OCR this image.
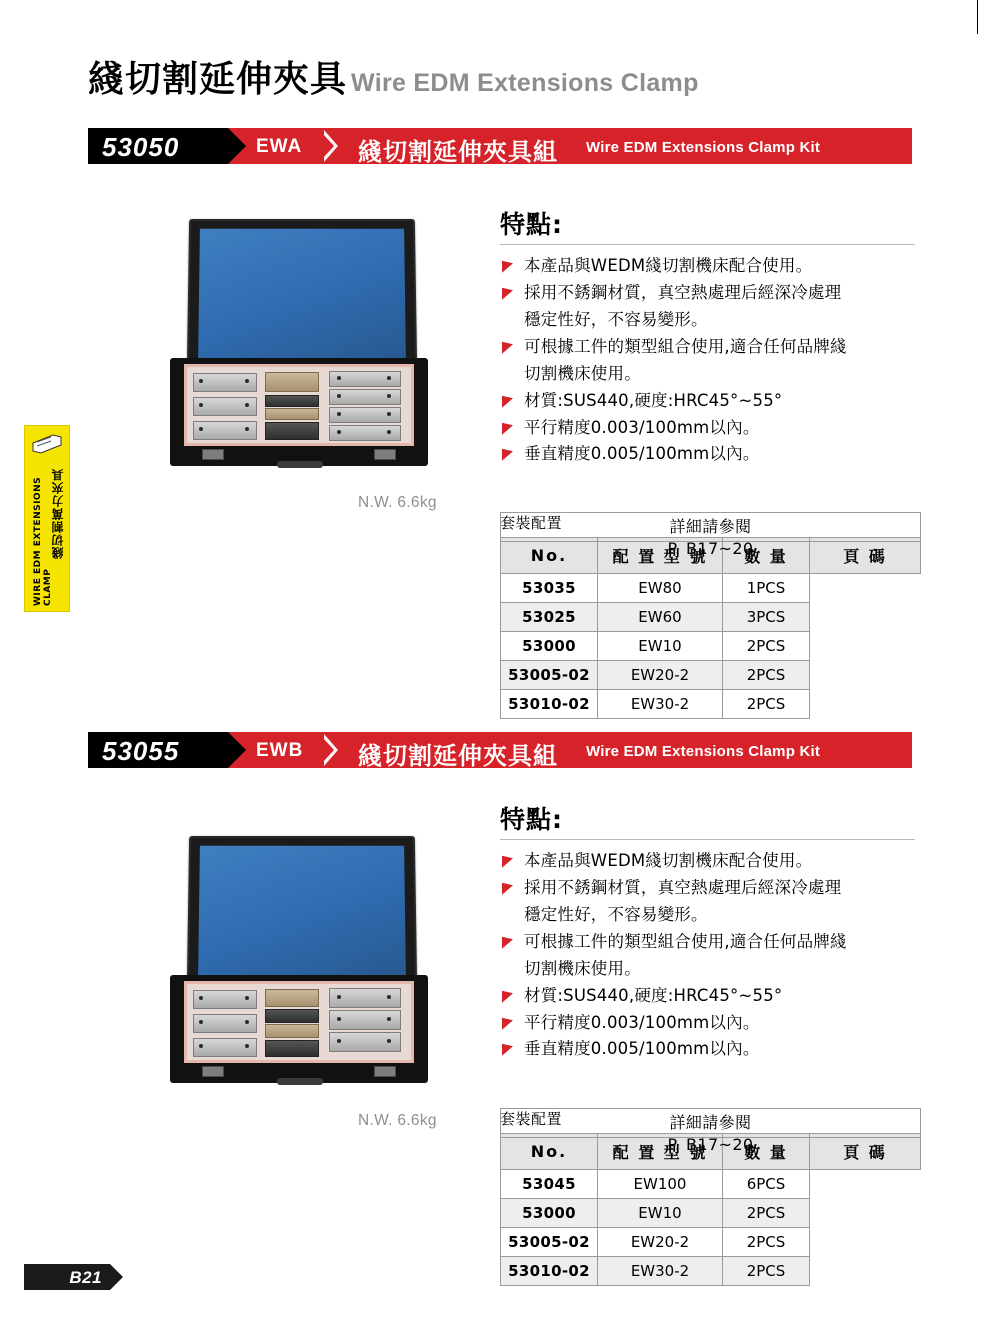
綫切割延伸夾具 Wire EDM Extensions Clamp
綫切割萬力夾具
WIRE EDM EXTENSIONS CLAMP
53050	EWA 綫切割延伸夾具組 Wire EDM Extensions Clamp Kit
N.W. 6.6kg
特點:
本產品與WEDM綫切割機床配合使用。
採用不銹鋼材質，真空熱處理后經深冷處理
穩定性好，不容易變形。
可根據工件的類型組合使用,適合任何品牌綫
切割機床使用。
材質:SUS440,硬度:HRC45°~55°
平行精度0.003/100mm以內。
垂直精度0.005/100mm以內。
套裝配置
No.	配 置 型 號	數 量	頁 碼
53035	EW80	1PCS	
詳細請參閱
P. B17~20

53025	EW60	3PCS	
53000	EW10	2PCS	
53005-02	EW20-2	2PCS	
53010-02	EW30-2	2PCS	
53055	EWB 綫切割延伸夾具組 Wire EDM Extensions Clamp Kit
N.W. 6.6kg
特點:
本產品與WEDM綫切割機床配合使用。
採用不銹鋼材質，真空熱處理后經深冷處理
穩定性好，不容易變形。
可根據工件的類型組合使用,適合任何品牌綫
切割機床使用。
材質:SUS440,硬度:HRC45°~55°
平行精度0.003/100mm以內。
垂直精度0.005/100mm以內。
套裝配置
No.	配 置 型 號	數 量	頁 碼
53045	EW100	6PCS	
詳細請參閱
P. B17~20

53000	EW10	2PCS	
53005-02	EW20-2	2PCS	
53010-02	EW30-2	2PCS	
B21
